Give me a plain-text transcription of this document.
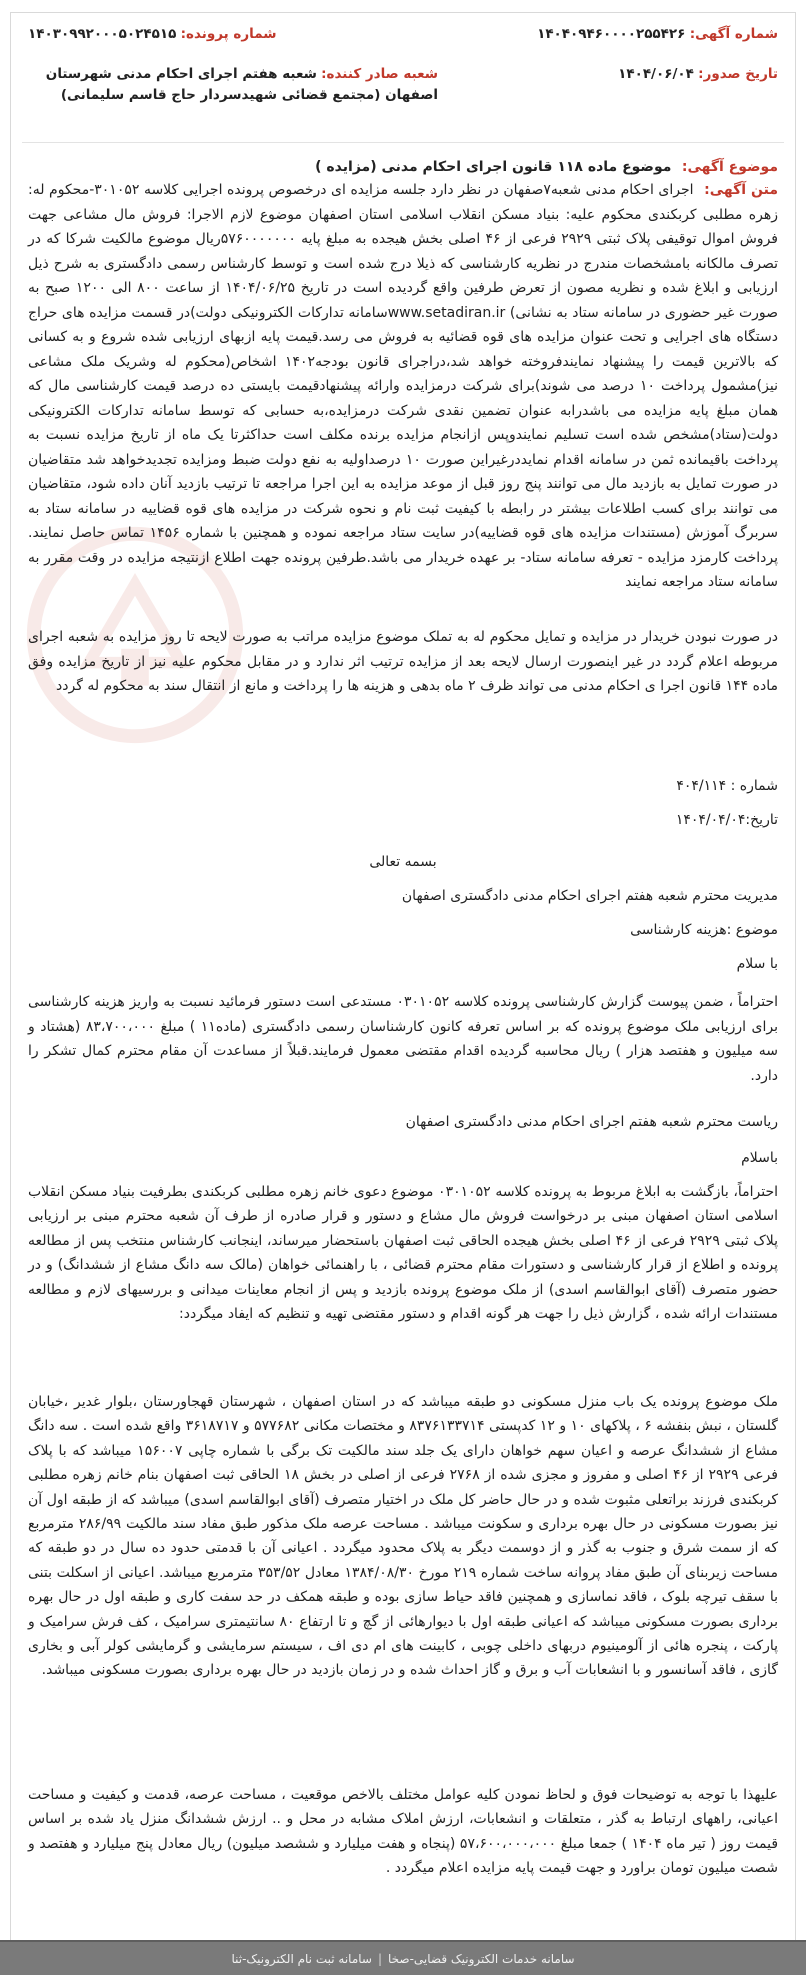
شماره آگهی: ۱۴۰۴۰۹۴۶۰۰۰۰۲۵۵۴۲۶
شماره پرونده: ۱۴۰۳۰۹۹۲۰۰۰۵۰۲۴۵۱۵
تاریخ صدور: ۱۴۰۴/۰۶/۰۴
شعبه صادر کننده: شعبه هفتم اجرای احکام مدنی شهرستان اصفهان (مجتمع قضائی شهیدسردار حاج قاسم سلیمانی)
موضوع آگهی: موضوع ماده ۱۱۸ قانون اجرای احکام مدنی (مزایده )
متن آگهی: اجرای احکام مدنی شعبه۷صفهان در نظر دارد جلسه مزایده ای درخصوص پرونده اجرایی کلاسه ۳۰۱۰۵۲-محکوم له: زهره مطلبی کربکندی محکوم علیه: بنیاد مسکن انقلاب اسلامی استان اصفهان موضوع لازم الاجرا: فروش مال مشاعی جهت فروش اموال توقیفی پلاک ثبتی ۲۹۲۹ فرعی از ۴۶ اصلی بخش هیجده به مبلغ پایه ۵۷۶۰۰۰۰۰۰۰ریال موضوع مالکیت شرکا که در تصرف مالکانه بامشخصات مندرج در نظریه کارشناسی که ذیلا درج شده است و توسط کارشناس رسمی دادگستری به شرح ذیل ارزیابی و ابلاغ شده و نظریه مصون از تعرض طرفین واقع گردیده است در تاریخ ۱۴۰۴/۰۶/۲۵ از ساعت ۸۰۰ الی ۱۲۰۰ صبح به صورت غیر حضوری در سامانه ستاد به نشانی) www.setadiran.irسامانه تدارکات الکترونیکی دولت)در قسمت مزایده های حراج دستگاه های اجرایی و تحت عنوان مزایده های قوه قضائیه به فروش می رسد.قیمت پایه ازبهای ارزیابی شده شروع و به کسانی که بالاترین قیمت را پیشنهاد نمایندفروخته خواهد شد،دراجرای قانون بودجه۱۴۰۲ اشخاص(محکوم له وشریک ملک مشاعی نیز)مشمول پرداخت ۱۰ درصد می شوند)برای شرکت درمزایده وارائه پیشنهادقیمت بایستی ده درصد قیمت کارشناسی مال که همان مبلغ پایه مزایده می باشدرابه عنوان تضمین نقدی شرکت درمزایده،به حسابی که توسط سامانه تدارکات الکترونیکی دولت(ستاد)مشخص شده است تسلیم نمایندوپس ازانجام مزایده برنده مکلف است حداکثرتا یک ماه از تاریخ مزایده نسبت به پرداخت باقیمانده ثمن در سامانه اقدام نمایددرغیراین صورت ۱۰ درصداولیه به نفع دولت ضبط ومزایده تجدیدخواهد شد متقاضیان در صورت تمایل به بازدید مال می توانند پنج روز قبل از موعد مزایده به این اجرا مراجعه تا ترتیب بازدید آنان داده شود، متقاضیان می توانند برای کسب اطلاعات بیشتر در رابطه با کیفیت ثبت نام و نحوه شرکت در مزایده های قوه قضاییه در سامانه ستاد به سربرگ آموزش (مستندات مزایده های قوه قضاییه)در سایت ستاد مراجعه نموده و همچنین با شماره ۱۴۵۶ تماس حاصل نمایند. پرداخت کارمزد مزایده - تعرفه سامانه ستاد- بر عهده خریدار می باشد.طرفین پرونده جهت اطلاع ازنتیجه مزایده در وقت مقرر به سامانه ستاد مراجعه نمایند
در صورت نبودن خریدار در مزایده و تمایل محکوم له به تملک موضوع مزایده مراتب به صورت لایحه تا روز مزایده به شعبه اجرای مربوطه اعلام گردد در غیر اینصورت ارسال لایحه بعد از مزایده ترتیب اثر ندارد و در مقابل محکوم علیه نیز از تاریخ مزایده وفق ماده ۱۴۴ قانون اجرا ی احکام مدنی می تواند ظرف ۲ ماه بدهی و هزینه ها را پرداخت و مانع از انتقال سند به محکوم له گردد
شماره : ۴۰۴/۱۱۴
تاریخ:۱۴۰۴/۰۴/۰۴
بسمه تعالی
مدیریت محترم شعبه هفتم اجرای احکام مدنی دادگستری اصفهان
موضوع :هزینه کارشناسی
با سلام
احتراماً ، ضمن پیوست گزارش کارشناسی پرونده کلاسه ۰۳۰۱۰۵۲ مستدعی است دستور فرمائید نسبت به واریز هزینه کارشناسی برای ارزیابی ملک موضوع پرونده که بر اساس تعرفه کانون کارشناسان رسمی دادگستری (ماده۱۱ ) مبلغ ۸۳،۷۰۰،۰۰۰ (هشتاد و سه میلیون و هفتصد هزار ) ریال محاسبه گردیده اقدام مقتضی معمول فرمایند.قبلاً از مساعدت آن مقام محترم کمال تشکر را دارد.
ریاست محترم شعبه هفتم اجرای احکام مدنی دادگستری اصفهان
باسلام
احتراماً، بازگشت به ابلاغ مربوط به پرونده کلاسه ۰۳۰۱۰۵۲ موضوع دعوی خانم زهره مطلبی کربکندی بطرفیت بنیاد مسکن انقلاب اسلامی استان اصفهان مبنی بر درخواست فروش مال مشاع و دستور و قرار صادره از طرف آن شعبه محترم مبنی بر ارزیابی پلاک ثبتی ۲۹۲۹ فرعی از ۴۶ اصلی بخش هیجده الحاقی ثبت اصفهان باستحضار میرساند، اینجانب کارشناس منتخب پس از مطالعه پرونده و اطلاع از قرار کارشناسی و دستورات مقام محترم قضائی ، با راهنمائی خواهان (مالک سه دانگ مشاع از ششدانگ) و در حضور متصرف (آقای ابوالقاسم اسدی) از ملک موضوع پرونده بازدید و پس از انجام معاینات میدانی و بررسیهای لازم و مطالعه مستندات ارائه شده ، گزارش ذیل را جهت هر گونه اقدام و دستور مقتضی تهیه و تنظیم که ایفاد میگردد:
ملک موضوع پرونده یک باب منزل مسکونی دو طبقه میباشد که در استان اصفهان ، شهرستان قهجاورستان ،بلوار غدیر ،خیابان گلستان ، نبش بنفشه ۶ ، پلاکهای ۱۰ و ۱۲ کدپستی ۸۳۷۶۱۳۳۷۱۴ و مختصات مکانی ۵۷۷۶۸۲ و ۳۶۱۸۷۱۷ واقع شده است . سه دانگ مشاع از ششدانگ عرصه و اعیان سهم خواهان دارای یک جلد سند مالکیت تک برگی با شماره چاپی ۱۵۶۰۰۷ میباشد که با پلاک فرعی ۲۹۲۹ از ۴۶ اصلی و مفروز و مجزی شده از ۲۷۶۸ فرعی از اصلی در بخش ۱۸ الحاقی ثبت اصفهان بنام خانم زهره مطلبی کربکندی فرزند براتعلی مثبوت شده و در حال حاضر کل ملک در اختیار متصرف (آقای ابوالقاسم اسدی) میباشد که از طبقه اول آن نیز بصورت مسکونی در حال بهره برداری و سکونت میباشد . مساحت عرصه ملک مذکور طبق مفاد سند مالکیت ۲۸۶/۹۹ مترمربع که از سمت شرق و جنوب به گذر و از دوسمت دیگر به پلاک محدود میگردد . اعیانی آن با قدمتی حدود ده سال در دو طبقه که مساحت زیربنای آن طبق مفاد پروانه ساخت شماره ۲۱۹ مورخ ۱۳۸۴/۰۸/۳۰ معادل ۳۵۳/۵۲ مترمربع میباشد. اعیانی از اسکلت بتنی با سقف تیرچه بلوک ، فاقد نماسازی و همچنین فاقد حیاط سازی بوده و طبقه همکف در حد سفت کاری و طبقه اول در حال بهره برداری بصورت مسکونی میباشد که اعیانی طبقه اول با دیوارهائی از گچ و تا ارتفاع ۸۰ سانتیمتری سرامیک ، کف فرش سرامیک و پارکت ، پنجره هائی از آلومینیوم دربهای داخلی چوبی ، کابینت های ام دی اف ، سیستم سرمایشی و گرمایشی کولر آبی و بخاری گازی ، فاقد آسانسور و با انشعابات آب و برق و گاز احداث شده و در زمان بازدید در حال بهره برداری بصورت مسکونی میباشد.
علیهذا با توجه به توضیحات فوق و لحاظ نمودن کلیه عوامل مختلف بالاخص موقعیت ، مساحت عرصه، قدمت و کیفیت و مساحت اعیانی، راههای ارتباط به گذر ، متعلقات و انشعابات، ارزش املاک مشابه در محل و .. ارزش ششدانگ منزل یاد شده بر اساس قیمت روز ( تیر ماه ۱۴۰۴ ) جمعا مبلغ ۵۷،۶۰۰،۰۰۰،۰۰۰ (پنجاه و هفت میلیارد و ششصد میلیون) ریال معادل پنج میلیارد و هفتصد و شصت میلیون تومان براورد و جهت قیمت پایه مزایده اعلام میگردد .
سامانه خدمات الکترونیک قضایی-صخا
|
سامانه ثبت نام الکترونیک-ثنا
